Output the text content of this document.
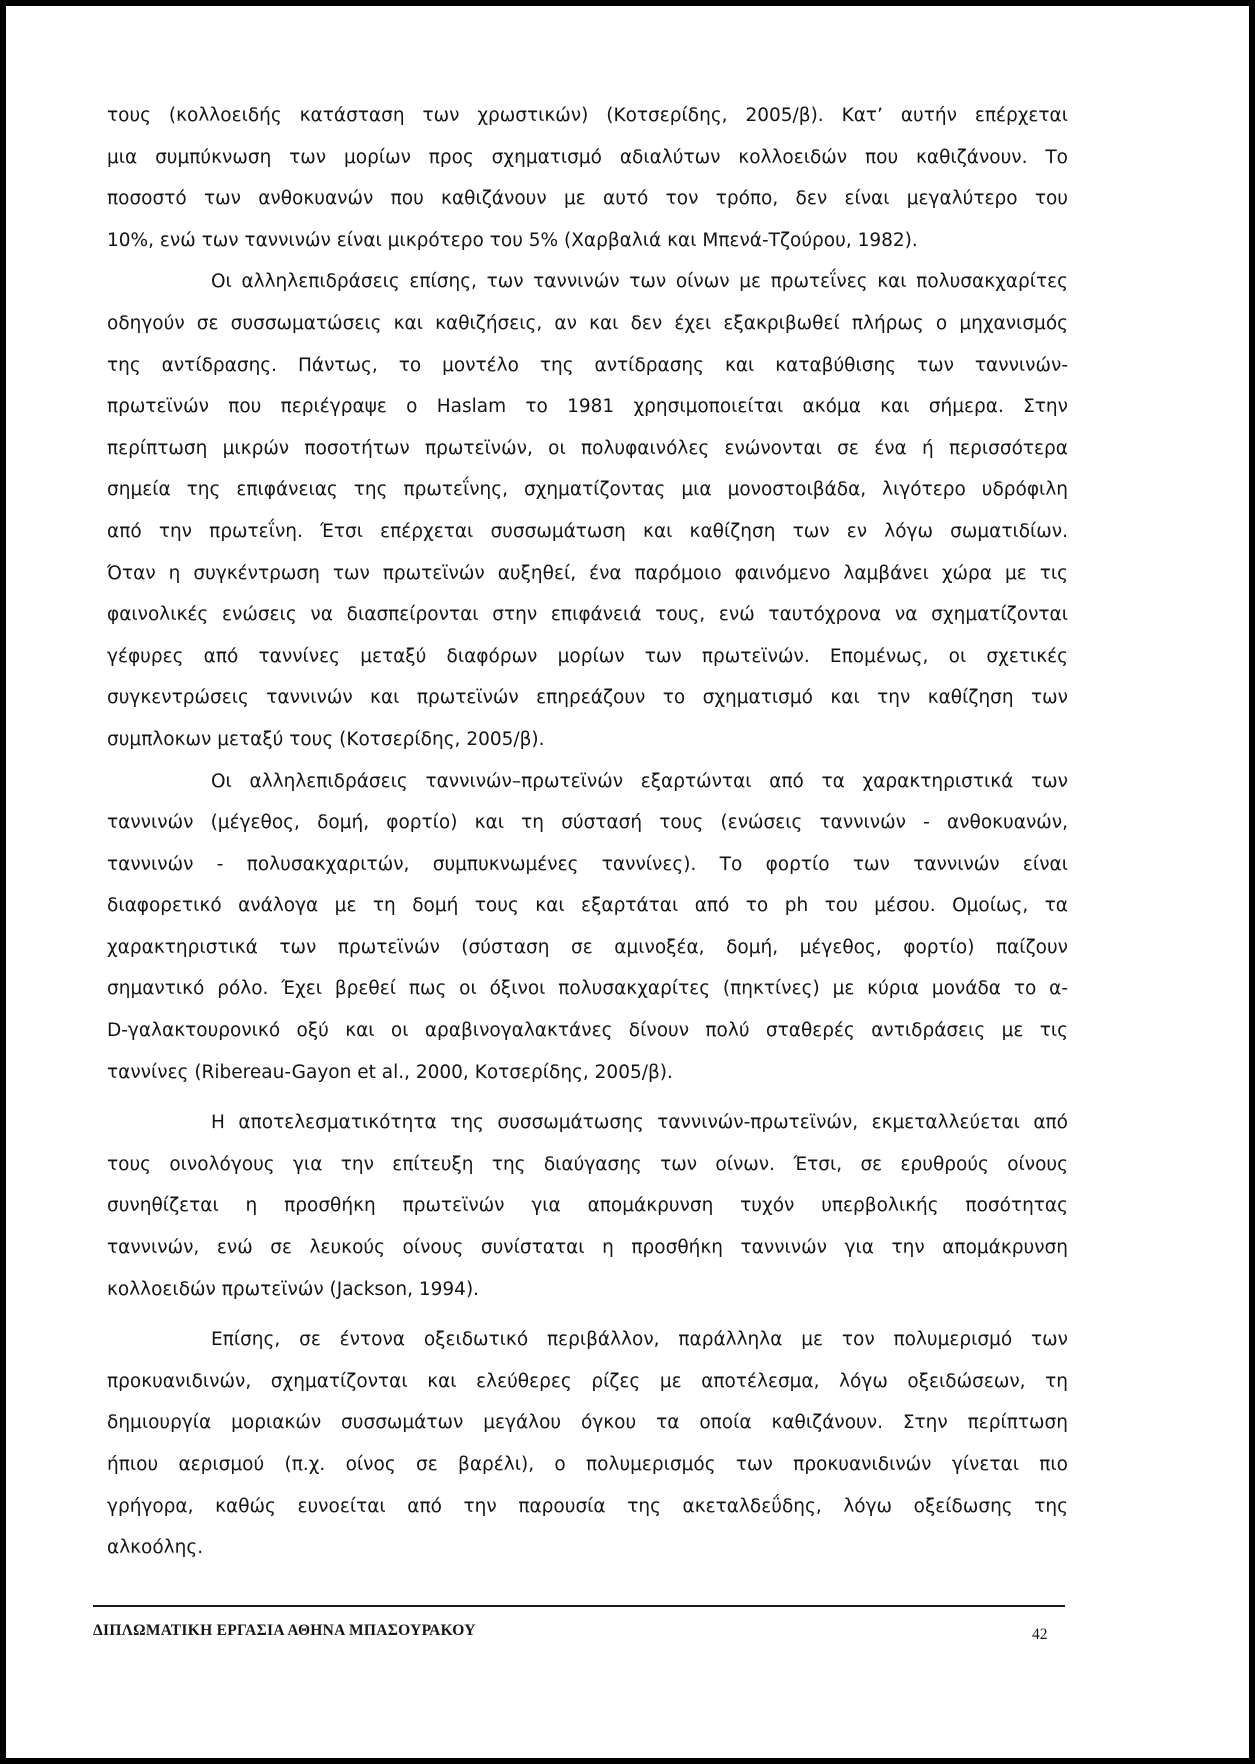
τους (κολλοειδής κατάσταση των χρωστικών) (Κοτσερίδης, 2005/β). Κατ’ αυτήν επέρχεται
μια συμπύκνωση των μορίων προς σχηματισμό αδιαλύτων κολλοειδών που καθιζάνουν. Το
ποσοστό των ανθοκυανών που καθιζάνουν με αυτό τον τρόπο, δεν είναι μεγαλύτερο του
10%, ενώ των ταννινών είναι μικρότερο του 5% (Χαρβαλιά και Μπενά-Τζούρου, 1982).
Οι αλληλεπιδράσεις επίσης, των ταννινών των οίνων με πρωτεΐνες και πολυσακχαρίτες
οδηγούν σε συσσωματώσεις και καθιζήσεις, αν και δεν έχει εξακριβωθεί πλήρως ο μηχανισμός
της αντίδρασης. Πάντως, το μοντέλο της αντίδρασης και καταβύθισης των ταννινών-
πρωτεϊνών που περιέγραψε ο Haslam το 1981 χρησιμοποιείται ακόμα και σήμερα. Στην
περίπτωση μικρών ποσοτήτων πρωτεϊνών, οι πολυφαινόλες ενώνονται σε ένα ή περισσότερα
σημεία της επιφάνειας της πρωτεΐνης, σχηματίζοντας μια μονοστοιβάδα, λιγότερο υδρόφιλη
από την πρωτεΐνη. Έτσι επέρχεται συσσωμάτωση και καθίζηση των εν λόγω σωματιδίων.
Όταν η συγκέντρωση των πρωτεϊνών αυξηθεί, ένα παρόμοιο φαινόμενο λαμβάνει χώρα με τις
φαινολικές ενώσεις να διασπείρονται στην επιφάνειά τους, ενώ ταυτόχρονα να σχηματίζονται
γέφυρες από ταννίνες μεταξύ διαφόρων μορίων των πρωτεϊνών. Επομένως, οι σχετικές
συγκεντρώσεις ταννινών και πρωτεϊνών επηρεάζουν το σχηματισμό και την καθίζηση των
συμπλοκων μεταξύ τους (Κοτσερίδης, 2005/β).
Οι αλληλεπιδράσεις ταννινών–πρωτεϊνών εξαρτώνται από τα χαρακτηριστικά των
ταννινών (μέγεθος, δομή, φορτίο) και τη σύστασή τους (ενώσεις ταννινών - ανθοκυανών,
ταννινών - πολυσακχαριτών, συμπυκνωμένες ταννίνες). Το φορτίο των ταννινών είναι
διαφορετικό ανάλογα με τη δομή τους και εξαρτάται από το ph του μέσου. Ομοίως, τα
χαρακτηριστικά των πρωτεϊνών (σύσταση σε αμινοξέα, δομή, μέγεθος, φορτίο) παίζουν
σημαντικό ρόλο. Έχει βρεθεί πως οι όξινοι πολυσακχαρίτες (πηκτίνες) με κύρια μονάδα το α-
D-γαλακτουρονικό οξύ και οι αραβινογαλακτάνες δίνουν πολύ σταθερές αντιδράσεις με τις
ταννίνες (Ribereau-Gayon et al., 2000, Κοτσερίδης, 2005/β).
Η αποτελεσματικότητα της συσσωμάτωσης ταννινών-πρωτεϊνών, εκμεταλλεύεται από
τους οινολόγους για την επίτευξη της διαύγασης των οίνων. Έτσι, σε ερυθρούς οίνους
συνηθίζεται η προσθήκη πρωτεϊνών για απομάκρυνση τυχόν υπερβολικής ποσότητας
ταννινών, ενώ σε λευκούς οίνους συνίσταται η προσθήκη ταννινών για την απομάκρυνση
κολλοειδών πρωτεϊνών (Jackson, 1994).
Επίσης, σε έντονα οξειδωτικό περιβάλλον, παράλληλα με τον πολυμερισμό των
προκυανιδινών, σχηματίζονται και ελεύθερες ρίζες με αποτέλεσμα, λόγω οξειδώσεων, τη
δημιουργία μοριακών συσσωμάτων μεγάλου όγκου τα οποία καθιζάνουν. Στην περίπτωση
ήπιου αερισμού (π.χ. οίνος σε βαρέλι), ο πολυμερισμός των προκυανιδινών γίνεται πιο
γρήγορα, καθώς ευνοείται από την παρουσία της ακεταλδεΰδης, λόγω οξείδωσης της
αλκοόλης.
ΔΙΠΛΩΜΑΤΙΚΗ ΕΡΓΑΣΙΑ ΑΘΗΝΑ ΜΠΑΣΟΥΡΑΚΟΥ	42
